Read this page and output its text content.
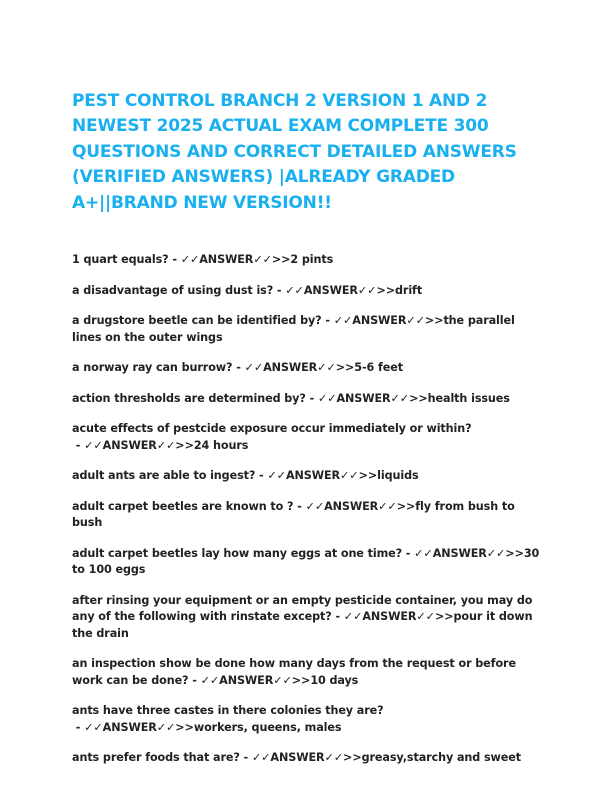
PEST CONTROL BRANCH 2 VERSION 1 AND 2 NEWEST 2025 ACTUAL EXAM COMPLETE 300 QUESTIONS AND CORRECT DETAILED ANSWERS (VERIFIED ANSWERS) |ALREADY GRADED A+||BRAND NEW VERSION!!
1 quart equals? - ✓✓ANSWER✓✓>>2 pints
a disadvantage of using dust is? - ✓✓ANSWER✓✓>>drift
a drugstore beetle can be identified by? - ✓✓ANSWER✓✓>>the parallel lines on the outer wings
a norway ray can burrow? - ✓✓ANSWER✓✓>>5-6 feet
action thresholds are determined by? - ✓✓ANSWER✓✓>>health issues
acute effects of pestcide exposure occur immediately or within? - ✓✓ANSWER✓✓>>24 hours
adult ants are able to ingest? - ✓✓ANSWER✓✓>>liquids
adult carpet beetles are known to ? - ✓✓ANSWER✓✓>>fly from bush to bush
adult carpet beetles lay how many eggs at one time? - ✓✓ANSWER✓✓>>30 to 100 eggs
after rinsing your equipment or an empty pesticide container, you may do any of the following with rinstate except? - ✓✓ANSWER✓✓>>pour it down the drain
an inspection show be done how many days from the request or before work can be done? - ✓✓ANSWER✓✓>>10 days
ants have three castes in there colonies they are? - ✓✓ANSWER✓✓>>workers, queens, males
ants prefer foods that are? - ✓✓ANSWER✓✓>>greasy,starchy and sweet
